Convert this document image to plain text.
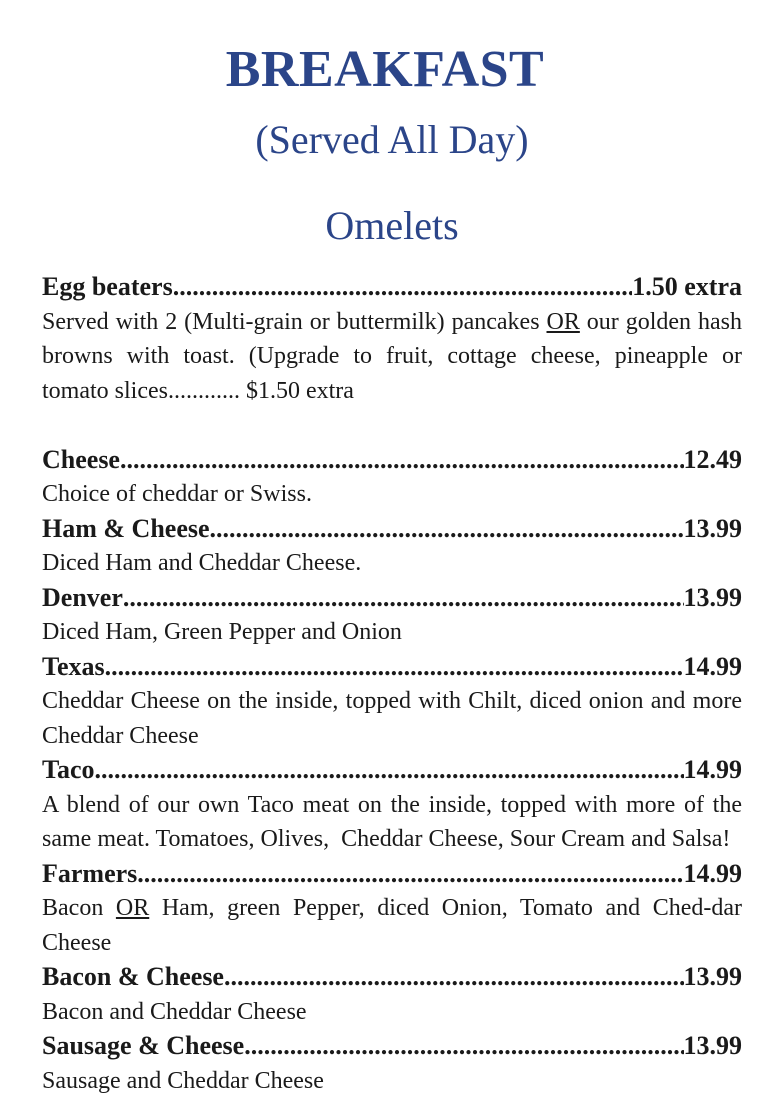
BREAKFAST
(Served All Day)
Omelets
Egg beaters .....	1.50 extra
Served with 2 (Multi-grain or buttermilk) pancakes OR our golden hash browns with toast. (Upgrade to fruit, cottage cheese, pineapple or tomato slices............ $1.50 extra
Cheese .....	12.49
Choice of cheddar or Swiss.
Ham & Cheese .....	13.99
Diced Ham and Cheddar Cheese.
Denver .....	13.99
Diced Ham, Green Pepper and Onion
Texas .....	14.99
Cheddar Cheese on the inside, topped with Chilt, diced onion and more Cheddar Cheese
Taco .....	14.99
A blend of our own Taco meat on the inside, topped with more of the same meat. Tomatoes, Olives,  Cheddar Cheese, Sour Cream and Salsa!
Farmers .....	14.99
Bacon OR Ham, green Pepper, diced Onion, Tomato and Ched-dar Cheese
Bacon & Cheese .....	13.99
Bacon and Cheddar Cheese
Sausage & Cheese .....	13.99
Sausage and Cheddar Cheese
